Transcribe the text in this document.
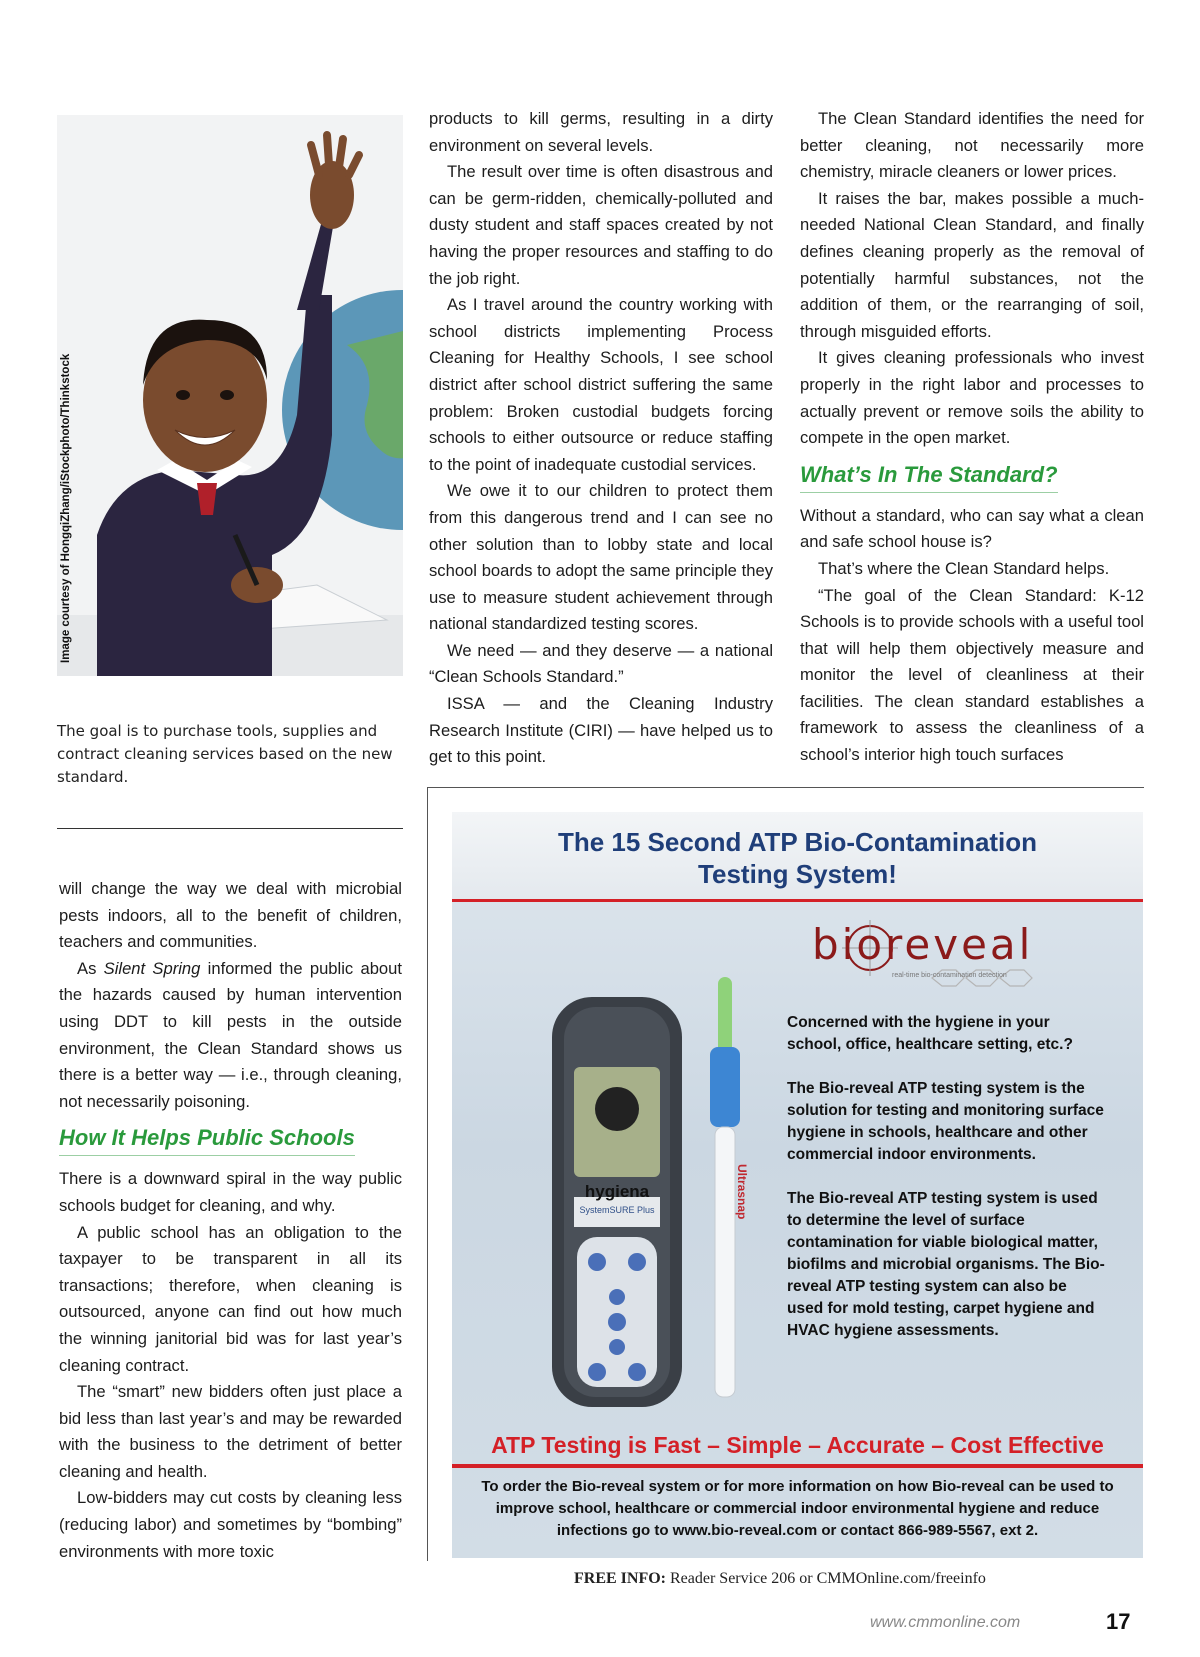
Image courtesy of HongqiZhang/iStockphoto/Thinkstock
The goal is to purchase tools, supplies and contract cleaning services based on the new standard.

will change the way we deal with microbial pests indoors, all to the benefit of children, teachers and communities.

As Silent Spring informed the public about the hazards caused by human intervention using DDT to kill pests in the outside environment, the Clean Standard shows us there is a better way — i.e., through cleaning, not necessarily poisoning.

How It Helps Public Schools

There is a downward spiral in the way public schools budget for cleaning, and why.

A public school has an obligation to the taxpayer to be transparent in all its transactions; therefore, when cleaning is outsourced, anyone can find out how much the winning janitorial bid was for last year’s cleaning contract.

The “smart” new bidders often just place a bid less than last year’s and may be rewarded with the business to the detriment of better cleaning and health.

Low-bidders may cut costs by cleaning less (reducing labor) and sometimes by “bombing” environments with more toxic

products to kill germs, resulting in a dirty environment on several levels.

The result over time is often disastrous and can be germ-ridden, chemically-polluted and dusty student and staff spaces created by not having the proper resources and staffing to do the job right.

As I travel around the country working with school districts implementing Process Cleaning for Healthy Schools, I see school district after school district suffering the same problem: Broken custodial budgets forcing schools to either outsource or reduce staffing to the point of inadequate custodial services.

We owe it to our children to protect them from this dangerous trend and I can see no other solution than to lobby state and local school boards to adopt the same principle they use to measure student achievement through national standardized testing scores.

We need — and they deserve — a national “Clean Schools Standard.”

ISSA — and the Cleaning Industry Research Institute (CIRI) — have helped us to get to this point.

The Clean Standard identifies the need for better cleaning, not necessarily more chemistry, miracle cleaners or lower prices.

It raises the bar, makes possible a much-needed National Clean Standard, and finally defines cleaning properly as the removal of potentially harmful substances, not the addition of them, or the rearranging of soil, through misguided efforts.

It gives cleaning professionals who invest properly in the right labor and processes to actually prevent or remove soils the ability to compete in the open market.

What’s In The Standard?

Without a standard, who can say what a clean and safe school house is?

That’s where the Clean Standard helps.

“The goal of the Clean Standard: K-12 Schools is to provide schools with a useful tool that will help them objectively measure and monitor the level of cleanliness at their facilities. The clean standard establishes a framework to assess the cleanliness of a school’s interior high touch surfaces

The 15 Second ATP Bio-Contamination
Testing System!
bioreveal
real-time bio-contamination detection
hygiena
SystemSURE Plus	Ultrasnap

Concerned with the hygiene in your school, office, healthcare setting, etc.?

The Bio-reveal ATP testing system is the solution for testing and monitoring surface hygiene in schools, healthcare and other commercial indoor environments.

The Bio-reveal ATP testing system is used to determine the level of surface contamination for viable biological matter, biofilms and microbial organisms. The Bio-reveal ATP testing system can also be used for mold testing, carpet hygiene and HVAC hygiene assessments.

ATP Testing is Fast – Simple – Accurate – Cost Effective
To order the Bio-reveal system or for more information on how Bio-reveal can be used to improve school, healthcare or commercial indoor environmental hygiene and reduce infections go to www.bio-reveal.com or contact 866-989-5567, ext 2.
FREE INFO: Reader Service 206 or CMMOnline.com/freeinfo
www.cmmonline.com	17
